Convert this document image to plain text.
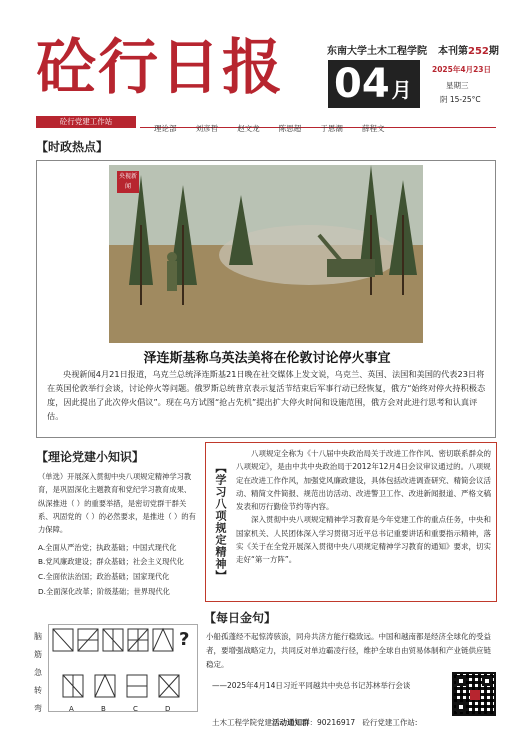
砼行日报	东南大学土木工程学院 本刊第252期
04 月
2025年4月23日
星期三
阴 15-25°C
砼行党建工作站
理论部	刘彦哲	赵文龙	陈思超	于恩潮	薛程文
【时政热点】
央视新闻
泽连斯基称乌英法美将在伦敦讨论停火事宜
央视新闻4月21日报道，乌克兰总统泽连斯基21日晚在社交媒体上发文说，乌克兰、英国、法国和美国的代表23日将在英国伦敦举行会谈，讨论停火等问题。俄罗斯总统普京表示复活节结束后军事行动已经恢复，俄方“始终对停火持积极态度，因此提出了此次停火倡议”。现在乌方试图“抢占先机”提出扩大停火时间和设施范围，俄方会对此进行思考和认真评估。
【理论党建小知识】
（单选）开展深入贯彻中央八项规定精神学习教育，是巩固深化主题教育和党纪学习教育成果、纵深推进（ ）的重要举措，是密切党群干群关系、巩固党的（ ）的必然要求，是推进（ ）的有力保障。
A.全面从严治党；执政基础；中国式现代化
B.党风廉政建设；群众基础；社会主义现代化
C.全面依法治国；政治基础；国家现代化
D.全面深化改革；阶级基础；世界现代化
【学习八项规定精神】

八项规定全称为《十八届中央政治局关于改进工作作风、密切联系群众的八项规定》，是由中共中央政治局于2012年12月4日会议审议通过的。八项规定在改进工作作风，加强党风廉政建设，具体包括改进调查研究、精简会议活动、精简文件简报、规范出访活动、改进警卫工作、改进新闻报道、严格文稿发表和厉行勤俭节约等内容。

深入贯彻中央八项规定精神学习教育是今年党建工作的重点任务，中央和国家机关、人民团体深入学习贯彻习近平总书记重要讲话和重要指示精神，落实《关于在全党开展深入贯彻中央八项规定精神学习教育的通知》要求，切实走好“第一方阵”。

脑筋急转弯
?
A	B	C	D
【每日金句】
小船孤蓬经不起惊涛骇浪，同舟共济方能行稳致远。中国和越南都是经济全球化的受益者，要增强战略定力，共同反对单边霸凌行径，维护全球自由贸易体制和产业链供应链稳定。
——2025年4月14日习近平同越共中央总书记苏林举行会谈
土木工程学院党建活动通知群：90216917 砼行党建工作站:
